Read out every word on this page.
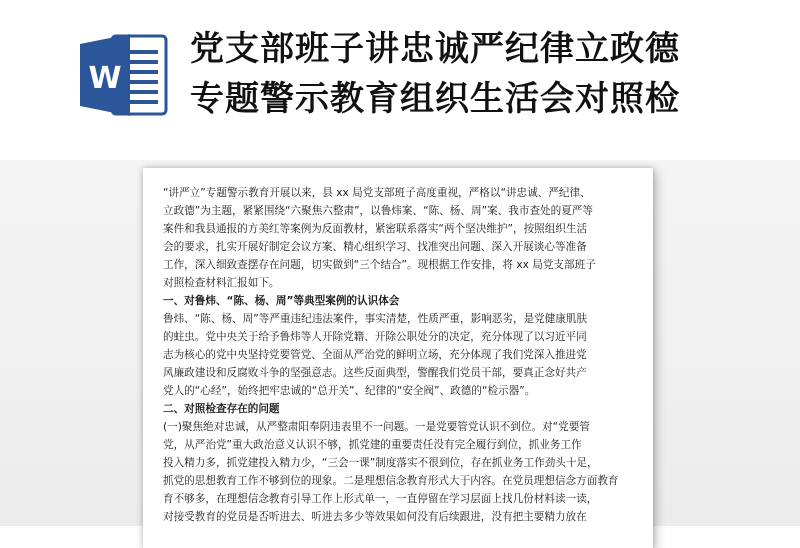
W
党支部班子讲忠诚严纪律立政德
专题警示教育组织生活会对照检
“讲严立”专题警示教育开展以来，县 xx 局党支部班子高度重视，严格以“讲忠诚、严纪律、
立政德”为主题，紧紧围绕“六聚焦六整肃”，以鲁炜案、“陈、杨、周”案、我市查处的夏严等
案件和我县通报的方美红等案例为反面教材，紧密联系落实“两个坚决维护”，按照组织生活
会的要求，扎实开展好制定会议方案、精心组织学习、找准突出问题、深入开展谈心等准备
工作，深入细致查摆存在问题，切实做到“三个结合”。现根据工作安排，将 xx 局党支部班子
对照检查材料汇报如下。
一、对鲁炜、“陈、杨、周”等典型案例的认识体会
鲁炜、“陈、杨、周”等严重违纪违法案件，事实清楚，性质严重，影响恶劣，是党健康肌肤
的蛀虫。党中央关于给予鲁炜等人开除党籍、开除公职处分的决定，充分体现了以习近平同
志为核心的党中央坚持党要管党、全面从严治党的鲜明立场，充分体现了我们党深入推进党
风廉政建设和反腐败斗争的坚强意志。这些反面典型，警醒我们党员干部，要真正念好共产
党人的“心经”，始终把牢忠诚的“总开关”、纪律的“安全阀”、政德的“检示器”。
二、对照检查存在的问题
(一)聚焦绝对忠诚，从严整肃阳奉阴违表里不一问题。一是党要管党认识不到位。对“党要管
党，从严治党”重大政治意义认识不够，抓党建的重要责任没有完全履行到位，抓业务工作
投入精力多，抓党建投入精力少，“三会一课”制度落实不很到位，存在抓业务工作劲头十足，
抓党的思想教育工作不够到位的现象。二是理想信念教育形式大于内容。在党员理想信念方面教育
育不够多，在理想信念教育引导工作上形式单一，一直停留在学习层面上找几份材料读一读，
对接受教育的党员是否听进去、听进去多少等效果如何没有后续跟进，没有把主要精力放在
